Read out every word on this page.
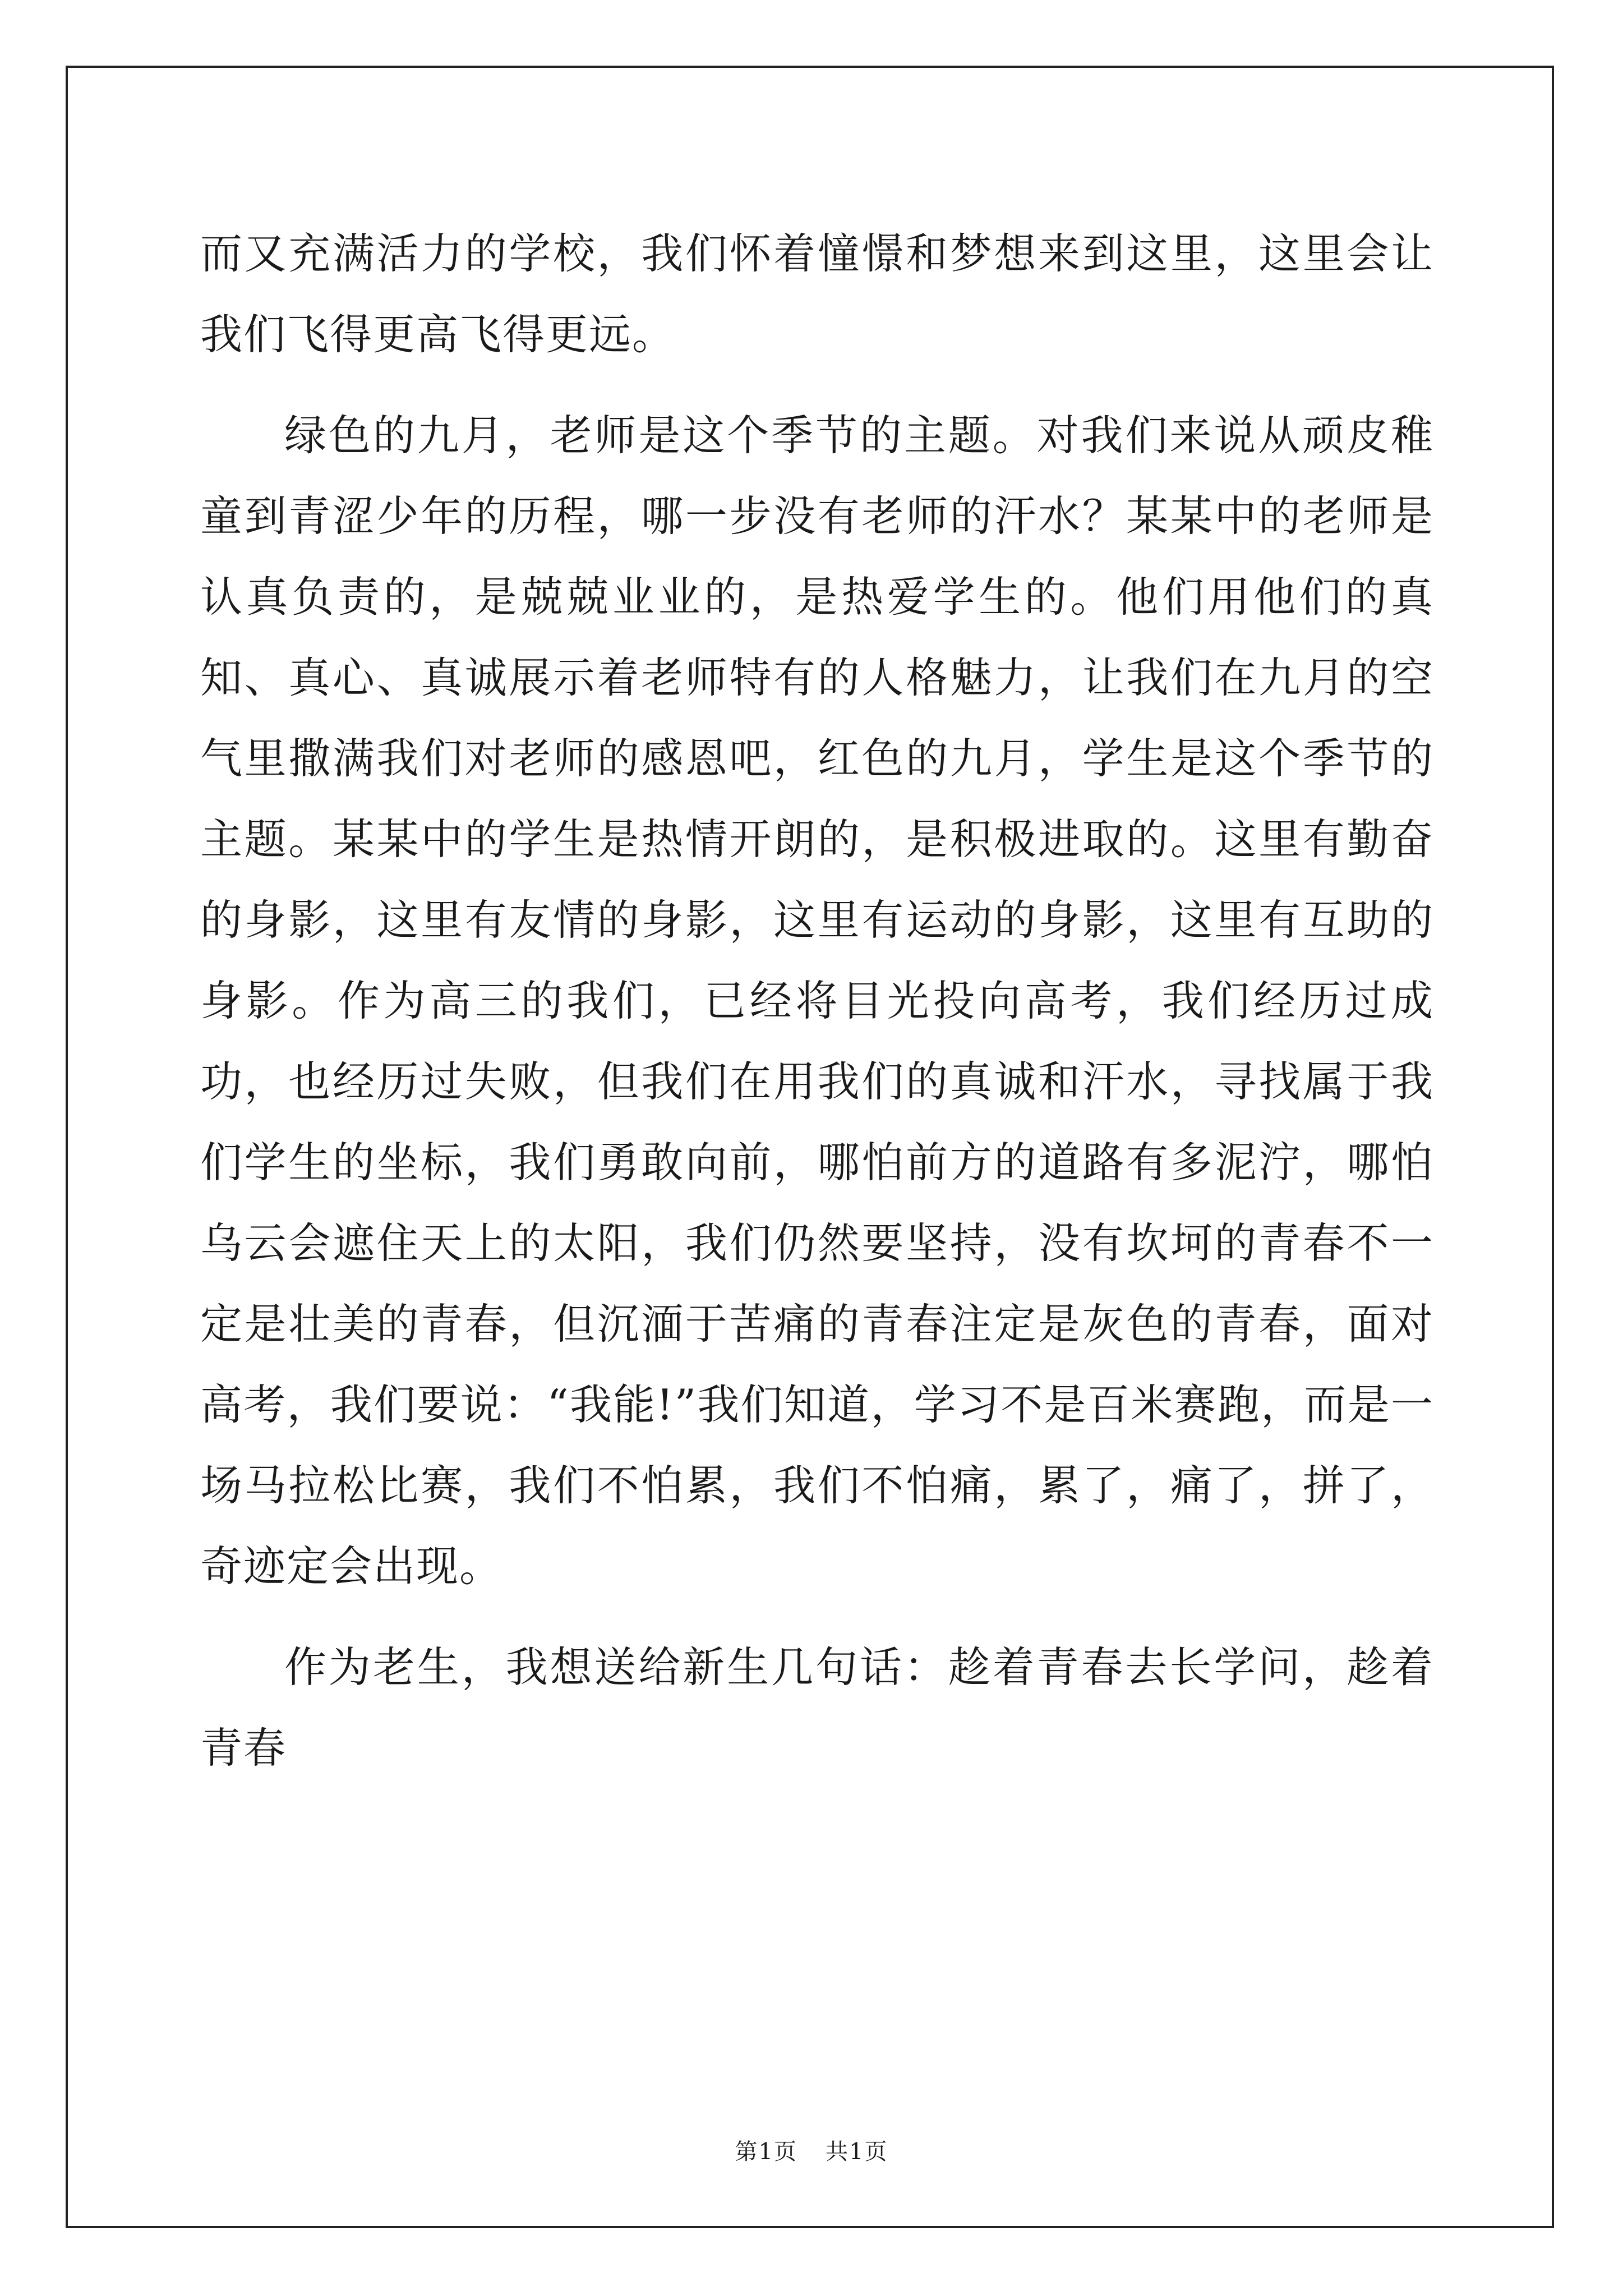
而又充满活力的学校，我们怀着憧憬和梦想来到这里，这里会让我们飞得更高飞得更远。

绿色的九月，老师是这个季节的主题。对我们来说从顽皮稚童到青涩少年的历程，哪一步没有老师的汗水？某某中的老师是认真负责的，是兢兢业业的，是热爱学生的。他们用他们的真知、真心、真诚展示着老师特有的人格魅力，让我们在九月的空气里撒满我们对老师的感恩吧，红色的九月，学生是这个季节的主题。某某中的学生是热情开朗的，是积极进取的。这里有勤奋的身影，这里有友情的身影，这里有运动的身影，这里有互助的身影。作为高三的我们，已经将目光投向高考，我们经历过成功，也经历过失败，但我们在用我们的真诚和汗水，寻找属于我们学生的坐标，我们勇敢向前，哪怕前方的道路有多泥泞，哪怕乌云会遮住天上的太阳，我们仍然要坚持，没有坎坷的青春不一定是壮美的青春，但沉湎于苦痛的青春注定是灰色的青春，面对高考，我们要说：“我能!”我们知道，学习不是百米赛跑，而是一场马拉松比赛，我们不怕累，我们不怕痛，累了，痛了，拼了，奇迹定会出现。

作为老生，我想送给新生几句话：趁着青春去长学问，趁着青春

第1页 共1页
